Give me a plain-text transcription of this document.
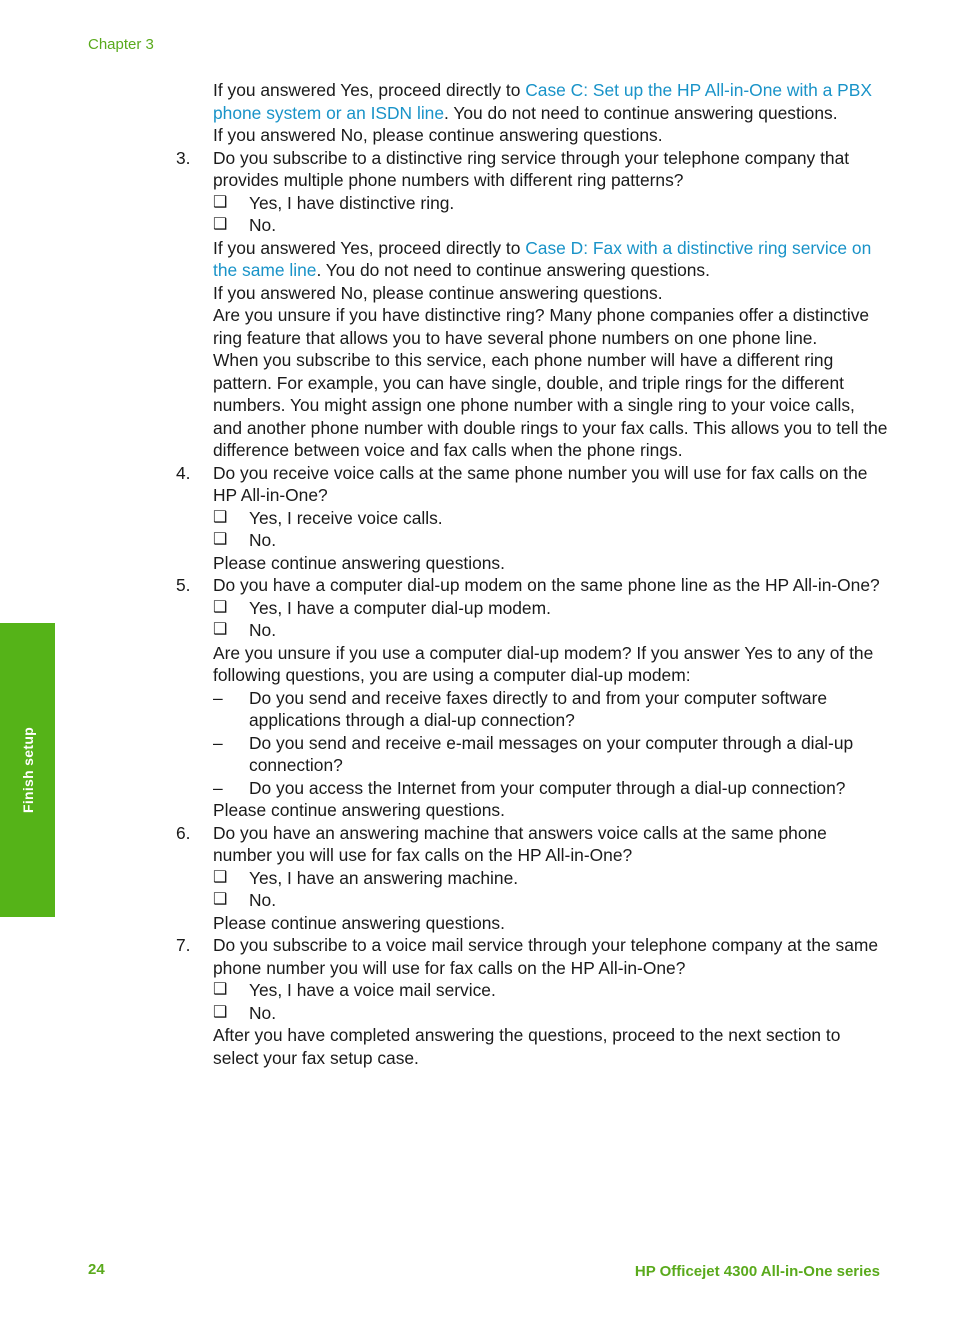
Chapter 3
Finish setup

If you answered Yes, proceed directly to Case C: Set up the HP All-in-One with a PBX phone system or an ISDN line. You do not need to continue answering questions.

If you answered No, please continue answering questions.

3. Do you subscribe to a distinctive ring service through your telephone company that provides multiple phone numbers with different ring patterns?

❑ Yes, I have distinctive ring.

❑ No.

If you answered Yes, proceed directly to Case D: Fax with a distinctive ring service on the same line. You do not need to continue answering questions.

If you answered No, please continue answering questions.

Are you unsure if you have distinctive ring? Many phone companies offer a distinctive ring feature that allows you to have several phone numbers on one phone line.

When you subscribe to this service, each phone number will have a different ring pattern. For example, you can have single, double, and triple rings for the different numbers. You might assign one phone number with a single ring to your voice calls, and another phone number with double rings to your fax calls. This allows you to tell the difference between voice and fax calls when the phone rings.

4. Do you receive voice calls at the same phone number you will use for fax calls on the HP All-in-One?

❑ Yes, I receive voice calls.

❑ No.

Please continue answering questions.

5. Do you have a computer dial-up modem on the same phone line as the HP All-in-One?

❑ Yes, I have a computer dial-up modem.

❑ No.

Are you unsure if you use a computer dial-up modem? If you answer Yes to any of the following questions, you are using a computer dial-up modem:

– Do you send and receive faxes directly to and from your computer software applications through a dial-up connection?

– Do you send and receive e-mail messages on your computer through a dial-up connection?

– Do you access the Internet from your computer through a dial-up connection?

Please continue answering questions.

6. Do you have an answering machine that answers voice calls at the same phone number you will use for fax calls on the HP All-in-One?

❑ Yes, I have an answering machine.

❑ No.

Please continue answering questions.

7. Do you subscribe to a voice mail service through your telephone company at the same phone number you will use for fax calls on the HP All-in-One?

❑ Yes, I have a voice mail service.

❑ No.

After you have completed answering the questions, proceed to the next section to select your fax setup case.

24	HP Officejet 4300 All-in-One series
